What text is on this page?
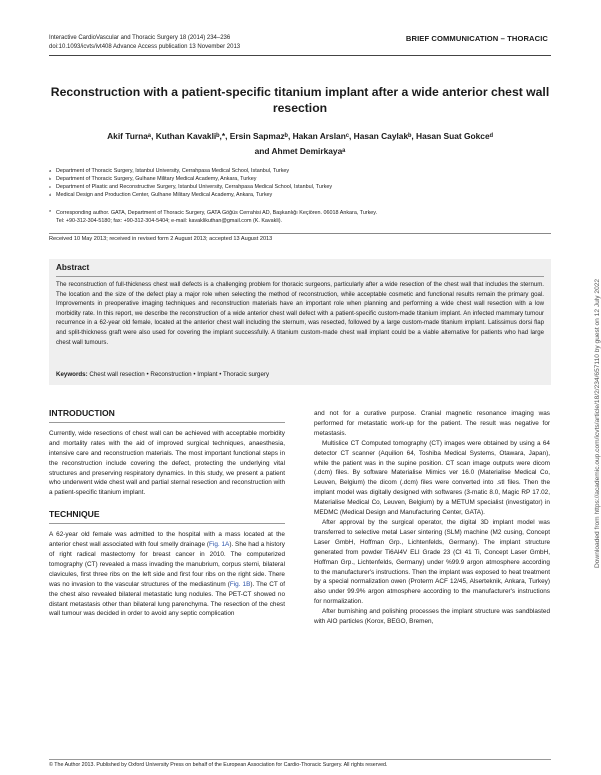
Interactive CardioVascular and Thoracic Surgery 18 (2014) 234–236
doi:10.1093/icvts/ivt408 Advance Access publication 13 November 2013
BRIEF COMMUNICATION – THORACIC
Reconstruction with a patient-specific titanium implant after a wide anterior chest wall resection
Akif Turnaᵃ, Kuthan Kavakliᵇ,*, Ersin Sapmazᵇ, Hakan Arslanᶜ, Hasan Caylakᵇ, Hasan Suat Gokceᵈ
and Ahmet Demirkayaᵃ
a Department of Thoracic Surgery, Istanbul University, Cerrahpasa Medical School, Istanbul, Turkey
b Department of Thoracic Surgery, Gulhane Military Medical Academy, Ankara, Turkey
c Department of Plastic and Reconstructive Surgery, Istanbul University, Cerrahpasa Medical School, Istanbul, Turkey
d Medical Design and Production Center, Gulhane Military Medical Academy, Ankara, Turkey
* Corresponding author. GATA, Department of Thoracic Surgery, GATA Göğüs Cerrahisi AD, Başkanlığı Keçiören. 06018 Ankara, Turkey.
Tel: +90-312-304-5180; fax: +90-312-304-5404; e-mail: kavaklikuthan@gmail.com (K. Kavakli).
Received 10 May 2013; received in revised form 2 August 2013; accepted 13 August 2013
Abstract
The reconstruction of full-thickness chest wall defects is a challenging problem for thoracic surgeons, particularly after a wide resection of the chest wall that includes the sternum. The location and the size of the defect play a major role when selecting the method of reconstruction, while acceptable cosmetic and functional results remain the primary goal. Improvements in preoperative imaging techniques and reconstruction materials have an important role when planning and performing a wide chest wall resection with a low morbidity rate. In this report, we describe the reconstruction of a wide anterior chest wall defect with a patient-specific custom-made titanium implant. An infected mammary tumour recurrence in a 62-year old female, located at the anterior chest wall including the sternum, was resected, followed by a large custom-made titanium implant. Latissimus dorsi flap and split-thickness graft were also used for covering the implant successfully. A titanium custom-made chest wall implant could be a viable alternative for patients who had large chest wall tumours.
Keywords: Chest wall resection • Reconstruction • Implant • Thoracic surgery
INTRODUCTION

Currently, wide resections of chest wall can be achieved with acceptable morbidity and mortality rates with the aid of improved surgical techniques, anaesthesia, intensive care and reconstruction materials. The most important functional steps in the reconstruction include covering the defect, protecting the underlying vital structures and preserving respiratory dynamics. In this study, we present a patient who underwent wide chest wall and partial sternal resection and reconstruction with a patient-specific titanium implant.

TECHNIQUE

A 62-year old female was admitted to the hospital with a mass located at the anterior chest wall associated with foul smelly drainage (Fig. 1A). She had a history of right radical mastectomy for breast cancer in 2010. The computerized tomography (CT) revealed a mass invading the manubrium, corpus sterni, bilateral clavicules, first three ribs on the left side and first four ribs on the right side. There was no invasion to the vascular structures of the mediastinum (Fig. 1B). The CT of the chest also revealed bilateral metastatic lung nodules. The PET-CT showed no distant metastasis other than bilateral lung parenchyma. The resection of the chest wall tumour was decided in order to avoid any septic complication

and not for a curative purpose. Cranial magnetic resonance imaging was performed for metastatic work-up for the patient. The result was negative for metastasis.

Multislice CT Computed tomography (CT) images were obtained by using a 64 detector CT scanner (Aquilion 64, Toshiba Medical Systems, Otawara, Japan), while the patient was in the supine position. CT scan image outputs were dicom (.dcm) files. By software Materialise Mimics ver 16.0 (Materialise Medical Co, Leuven, Belgium) the dicom (.dcm) files were converted into .stl files. Then the implant model was digitally designed with softwares (3-matic 8.0, Magic RP 17.02, Materialise Medical Co, Leuven, Belgium) by a METUM specialist (investigator) in MEDMC (Medical Design and Manufacturing Center, GATA).

After approval by the surgical operator, the digital 3D implant model was transferred to selective metal Laser sintering (SLM) machine (M2 cusing, Concept Laser GmbH, Hoffman Grp., Lichtenfelds, Germany). The implant structure generated from powder Ti6Al4V ELI Grade 23 (CI 41 Ti, Concept Laser GmbH, Hoffman Grp., Lichtenfelds, Germany) under %99.9 argon atmosphere according to the manufacturer's instructions. Then the implant was exposed to heat treatment by a special normalization owen (Proterm ACF 12/45, Alserteknik, Ankara, Turkey) also under 99.9% argon atmosphere according to the manufacturer's instructions for normalization.

After burnishing and polishing processes the implant structure was sandblasted with AlO particles (Korox, BEGO, Bremen,

© The Author 2013. Published by Oxford University Press on behalf of the European Association for Cardio-Thoracic Surgery. All rights reserved.
Downloaded from https://academic.oup.com/icvts/article/18/2/234/657110 by guest on 12 July 2022
